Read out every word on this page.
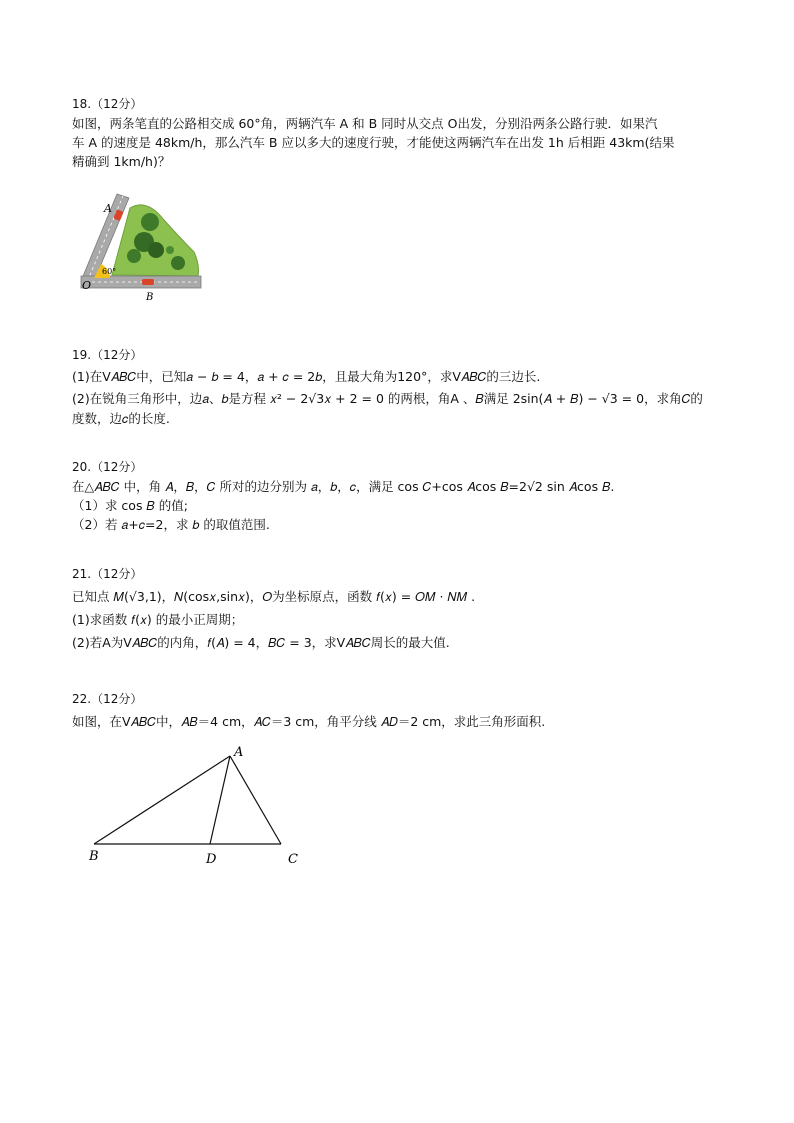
18.（12分）
如图，两条笔直的公路相交成 60°角，两辆汽车 A 和 B 同时从交点 O出发，分别沿两条公路行驶．如果汽
车 A 的速度是 48km/h，那么汽车 B 应以多大的速度行驶，才能使这两辆汽车在出发 1h 后相距 43km(结果
精确到 1km/h)？
A
O
B
60°
19.（12分）
(1)在V𝐴𝐵𝐶中，已知𝑎 − 𝑏 = 4，𝑎 + 𝑐 = 2𝑏，且最大角为120°，求V𝐴𝐵𝐶的三边长.
(2)在锐角三角形中，边𝑎、𝑏是方程 𝑥² − 2√3𝑥 + 2 = 0 的两根，角A 、𝐵满足 2sin(𝐴 + 𝐵) − √3 = 0，求角𝐶的
度数，边𝑐的长度.
20.（12分）
在△𝐴𝐵𝐶 中，角 𝐴，𝐵，𝐶 所对的边分别为 𝑎，𝑏，𝑐，满足 cos 𝐶+cos 𝐴cos 𝐵=2√2 sin 𝐴cos 𝐵.
（1）求 cos 𝐵 的值;
（2）若 𝑎+𝑐=2，求 𝑏 的取值范围.
21.（12分）
已知点 𝑀(√3,1)，𝑁(cos𝑥,sin𝑥)，𝑂为坐标原点，函数 𝑓(𝑥) = 𝑂𝑀 · 𝑁𝑀 .
(1)求函数 𝑓(𝑥) 的最小正周期；
(2)若A为V𝐴𝐵𝐶的内角，𝑓(𝐴) = 4，𝐵𝐶 = 3，求V𝐴𝐵𝐶周长的最大值.
22.（12分）
如图，在V𝐴𝐵𝐶中，𝐴𝐵＝4 cm，𝐴𝐶＝3 cm，角平分线 𝐴𝐷＝2 cm，求此三角形面积.
A
B	C
D
